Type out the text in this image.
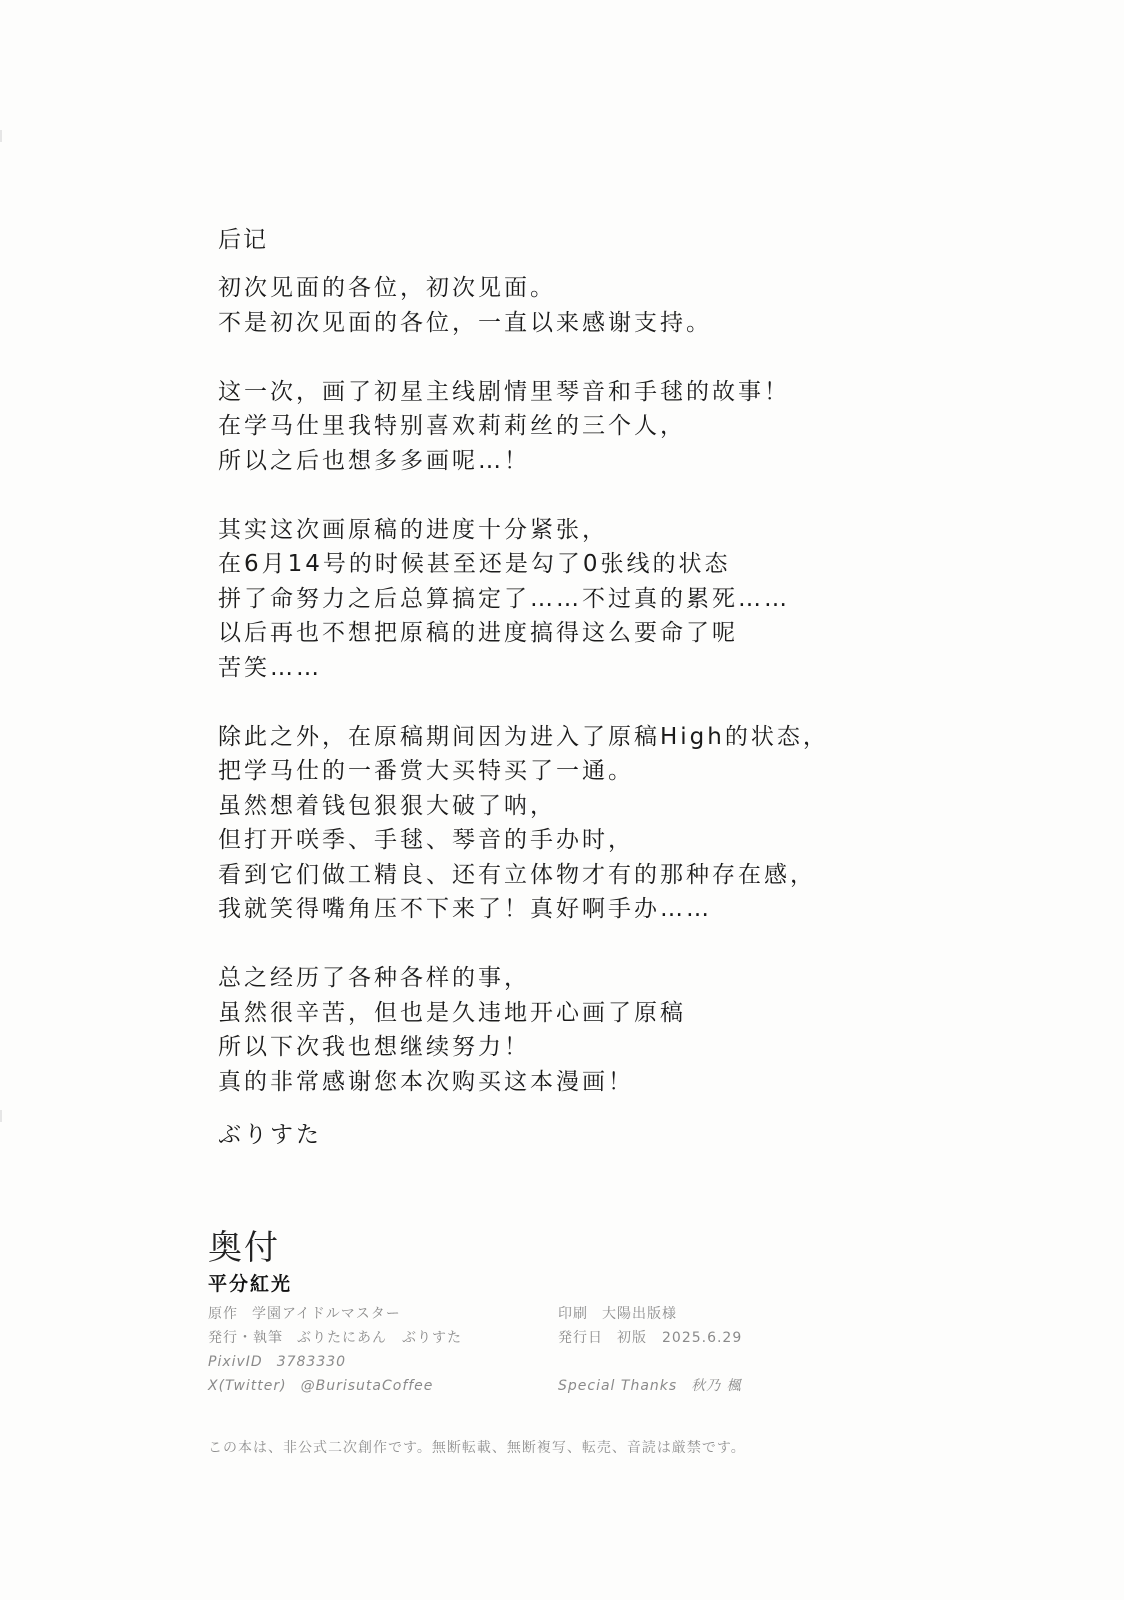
后记
初次见面的各位，初次见面。
不是初次见面的各位，一直以来感谢支持。
这一次，画了初星主线剧情里琴音和手毬的故事！
在学马仕里我特别喜欢莉莉丝的三个人，
所以之后也想多多画呢…！
其实这次画原稿的进度十分紧张，
在6月14号的时候甚至还是勾了0张线的状态
拼了命努力之后总算搞定了……不过真的累死……
以后再也不想把原稿的进度搞得这么要命了呢
苦笑……
除此之外，在原稿期间因为进入了原稿High的状态，
把学马仕的一番赏大买特买了一通。
虽然想着钱包狠狠大破了呐，
但打开咲季、手毬、琴音的手办时，
看到它们做工精良、还有立体物才有的那种存在感，
我就笑得嘴角压不下来了！真好啊手办……
总之经历了各种各样的事，
虽然很辛苦，但也是久违地开心画了原稿
所以下次我也想继续努力！
真的非常感谢您本次购买这本漫画！
ぶりすた
奥付
平分紅光
原作 学園アイドルマスター
発行・執筆 ぶりたにあん　ぶりすた
PixivID 3783330
X(Twitter) @BurisutaCoffee
印刷 大陽出版様
発行日 初版　2025.6.29
Special Thanks 秋乃 楓
この本は、非公式二次創作です。無断転載、無断複写、転売、音読は厳禁です。
